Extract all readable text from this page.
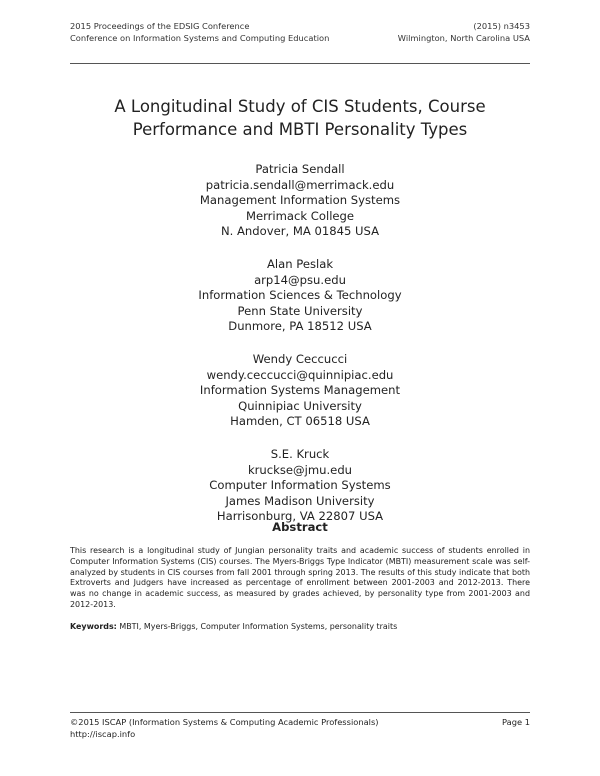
2015 Proceedings of the EDSIG Conference	(2015) n3453
Conference on Information Systems and Computing Education	Wilmington, North Carolina USA
A Longitudinal Study of CIS Students, Course
Performance and MBTI Personality Types
Patricia Sendall
patricia.sendall@merrimack.edu
Management Information Systems
Merrimack College
N. Andover, MA 01845 USA
Alan Peslak
arp14@psu.edu
Information Sciences & Technology
Penn State University
Dunmore, PA 18512 USA
Wendy Ceccucci
wendy.ceccucci@quinnipiac.edu
Information Systems Management
Quinnipiac University
Hamden, CT 06518 USA
S.E. Kruck
kruckse@jmu.edu
Computer Information Systems
James Madison University
Harrisonburg, VA 22807 USA
Abstract
This research is a longitudinal study of Jungian personality traits and academic success of students enrolled in Computer Information Systems (CIS) courses. The Myers-Briggs Type Indicator (MBTI) measurement scale was self-analyzed by students in CIS courses from fall 2001 through spring 2013. The results of this study indicate that both Extroverts and Judgers have increased as percentage of enrollment between 2001-2003 and 2012-2013. There was no change in academic success, as measured by grades achieved, by personality type from 2001-2003 and 2012-2013.
Keywords: MBTI, Myers-Briggs, Computer Information Systems, personality traits
©2015 ISCAP (Information Systems & Computing Academic Professionals)	Page 1
http://iscap.info
